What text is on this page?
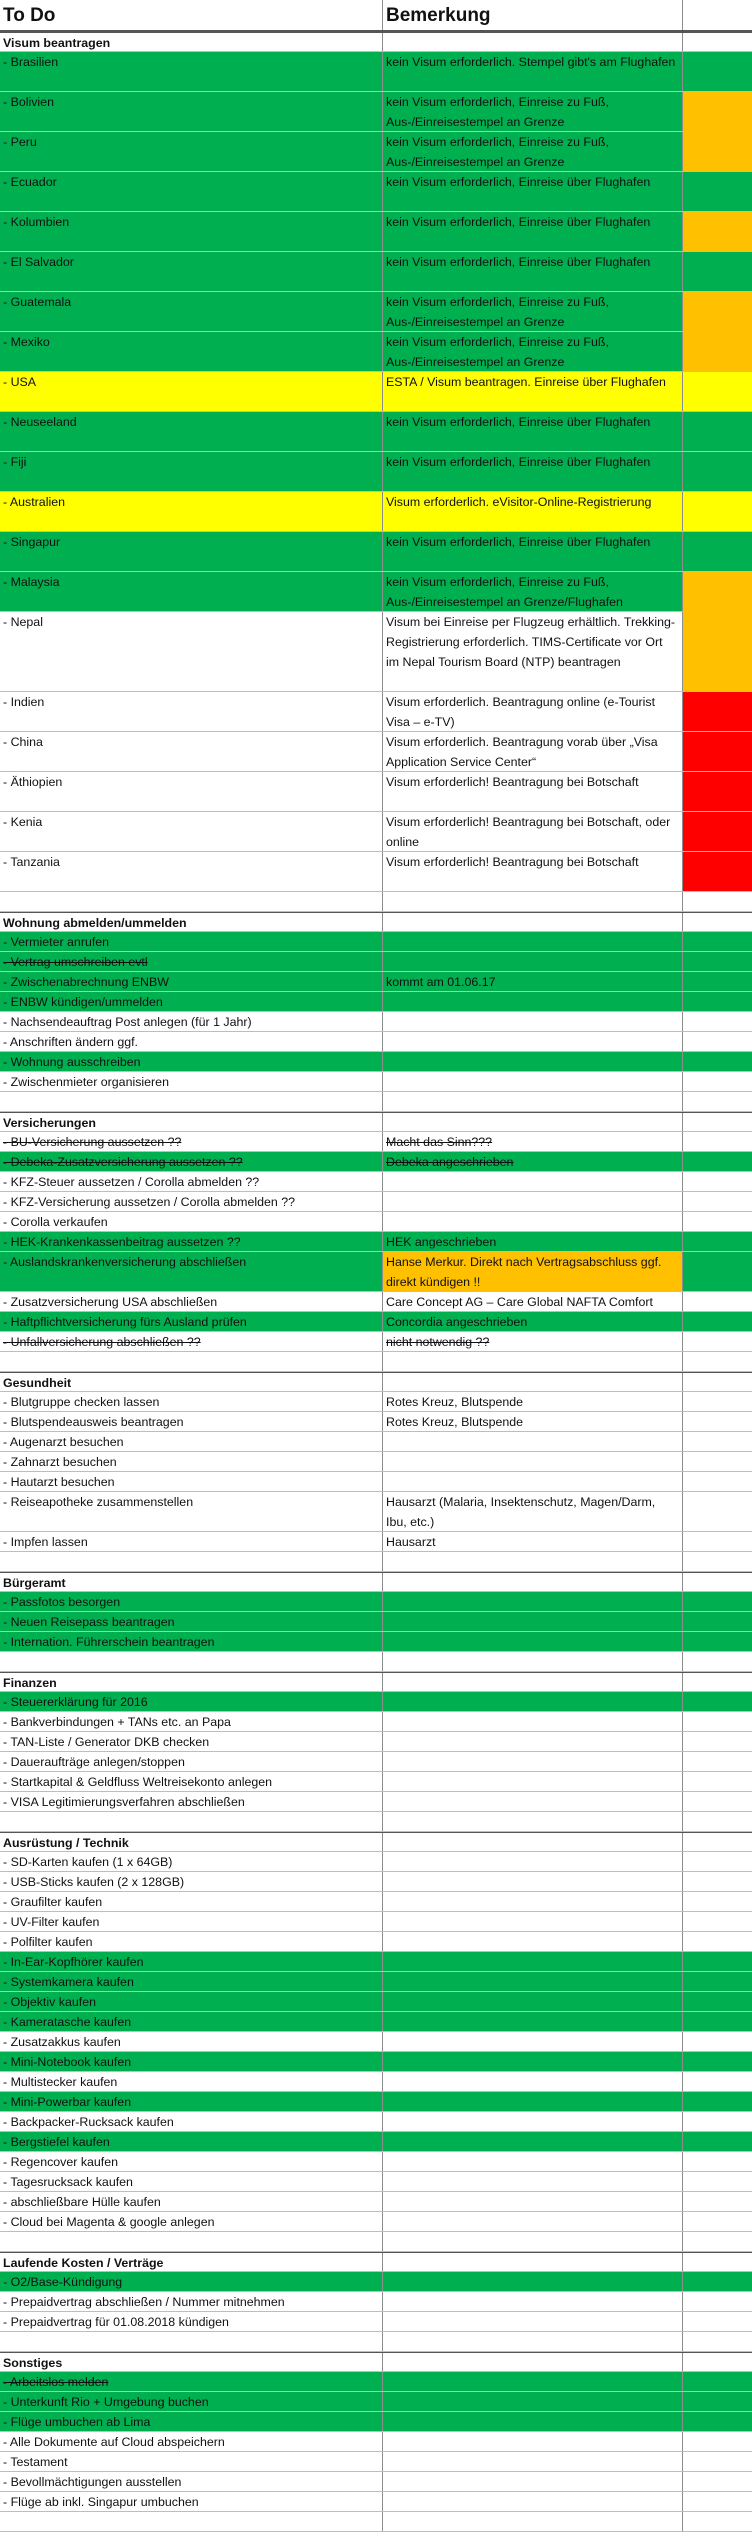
To Do	Bemerkung
Visum beantragen
- Brasilien	kein Visum erforderlich. Stempel gibt's am Flughafen
- Bolivien	kein Visum erforderlich, Einreise zu Fuß, Aus-/Einreisestempel an Grenze
- Peru	kein Visum erforderlich, Einreise zu Fuß, Aus-/Einreisestempel an Grenze
- Ecuador	kein Visum erforderlich, Einreise über Flughafen
- Kolumbien	kein Visum erforderlich, Einreise über Flughafen
- El Salvador	kein Visum erforderlich, Einreise über Flughafen
- Guatemala	kein Visum erforderlich, Einreise zu Fuß, Aus-/Einreisestempel an Grenze
- Mexiko	kein Visum erforderlich, Einreise zu Fuß, Aus-/Einreisestempel an Grenze
- USA	ESTA / Visum beantragen. Einreise über Flughafen
- Neuseeland	kein Visum erforderlich, Einreise über Flughafen
- Fiji	kein Visum erforderlich, Einreise über Flughafen
- Australien	Visum erforderlich. eVisitor-Online-Registrierung
- Singapur	kein Visum erforderlich, Einreise über Flughafen
- Malaysia	kein Visum erforderlich, Einreise zu Fuß, Aus-/Einreisestempel an Grenze/Flughafen
- Nepal	Visum bei Einreise per Flugzeug erhältlich. Trekking-Registrierung erforderlich. TIMS-Certificate vor Ort im Nepal Tourism Board (NTP) beantragen
- Indien	Visum erforderlich. Beantragung online (e-Tourist Visa – e-TV)
- China	Visum erforderlich. Beantragung vorab über „Visa Application Service Center“
- Äthiopien	Visum erforderlich! Beantragung bei Botschaft
- Kenia	Visum erforderlich! Beantragung bei Botschaft, oder online
- Tanzania	Visum erforderlich! Beantragung bei Botschaft
Wohnung abmelden/ummelden
- Vermieter anrufen
- Vertrag umschreiben evtl
- Zwischenabrechnung ENBW	kommt am 01.06.17
- ENBW kündigen/ummelden
- Nachsendeauftrag Post anlegen (für 1 Jahr)
- Anschriften ändern ggf.
- Wohnung ausschreiben
- Zwischenmieter organisieren
Versicherungen
- BU-Versicherung aussetzen ??	Macht das Sinn???
- Debeka-Zusatzversicherung aussetzen ??	Debeka angeschrieben
- KFZ-Steuer aussetzen / Corolla abmelden ??
- KFZ-Versicherung aussetzen / Corolla abmelden ??
- Corolla verkaufen
- HEK-Krankenkassenbeitrag aussetzen ??	HEK angeschrieben
- Auslandskrankenversicherung abschließen	Hanse Merkur. Direkt nach Vertragsabschluss ggf. direkt kündigen !!
- Zusatzversicherung USA abschließen	Care Concept AG – Care Global NAFTA Comfort
- Haftpflichtversicherung fürs Ausland prüfen	Concordia angeschrieben
- Unfallversicherung abschließen ??	nicht notwendig ??
Gesundheit
- Blutgruppe checken lassen	Rotes Kreuz, Blutspende
- Blutspendeausweis beantragen	Rotes Kreuz, Blutspende
- Augenarzt besuchen
- Zahnarzt besuchen
- Hautarzt besuchen
- Reiseapotheke zusammenstellen	Hausarzt (Malaria, Insektenschutz, Magen/Darm, Ibu, etc.)
- Impfen lassen	Hausarzt
Bürgeramt
- Passfotos besorgen
- Neuen Reisepass beantragen
- Internation. Führerschein beantragen
Finanzen
- Steuererklärung für 2016
- Bankverbindungen + TANs etc. an Papa
- TAN-Liste / Generator DKB checken
- Daueraufträge anlegen/stoppen
- Startkapital & Geldfluss Weltreisekonto anlegen
- VISA Legitimierungsverfahren abschließen
Ausrüstung / Technik
- SD-Karten kaufen (1 x 64GB)
- USB-Sticks kaufen (2 x 128GB)
- Graufilter kaufen
- UV-Filter kaufen
- Polfilter kaufen
- In-Ear-Kopfhörer kaufen
- Systemkamera kaufen
- Objektiv kaufen
- Kameratasche kaufen
- Zusatzakkus kaufen
- Mini-Notebook kaufen
- Multistecker kaufen
- Mini-Powerbar kaufen
- Backpacker-Rucksack kaufen
- Bergstiefel kaufen
- Regencover kaufen
- Tagesrucksack kaufen
- abschließbare Hülle kaufen
- Cloud bei Magenta & google anlegen
Laufende Kosten / Verträge
- O2/Base-Kündigung
- Prepaidvertrag abschließen / Nummer mitnehmen
- Prepaidvertrag für 01.08.2018 kündigen
Sonstiges
- Arbeitslos melden
- Unterkunft Rio + Umgebung buchen
- Flüge umbuchen ab Lima
- Alle Dokumente auf Cloud abspeichern
- Testament
- Bevollmächtigungen ausstellen
- Flüge ab inkl. Singapur umbuchen
